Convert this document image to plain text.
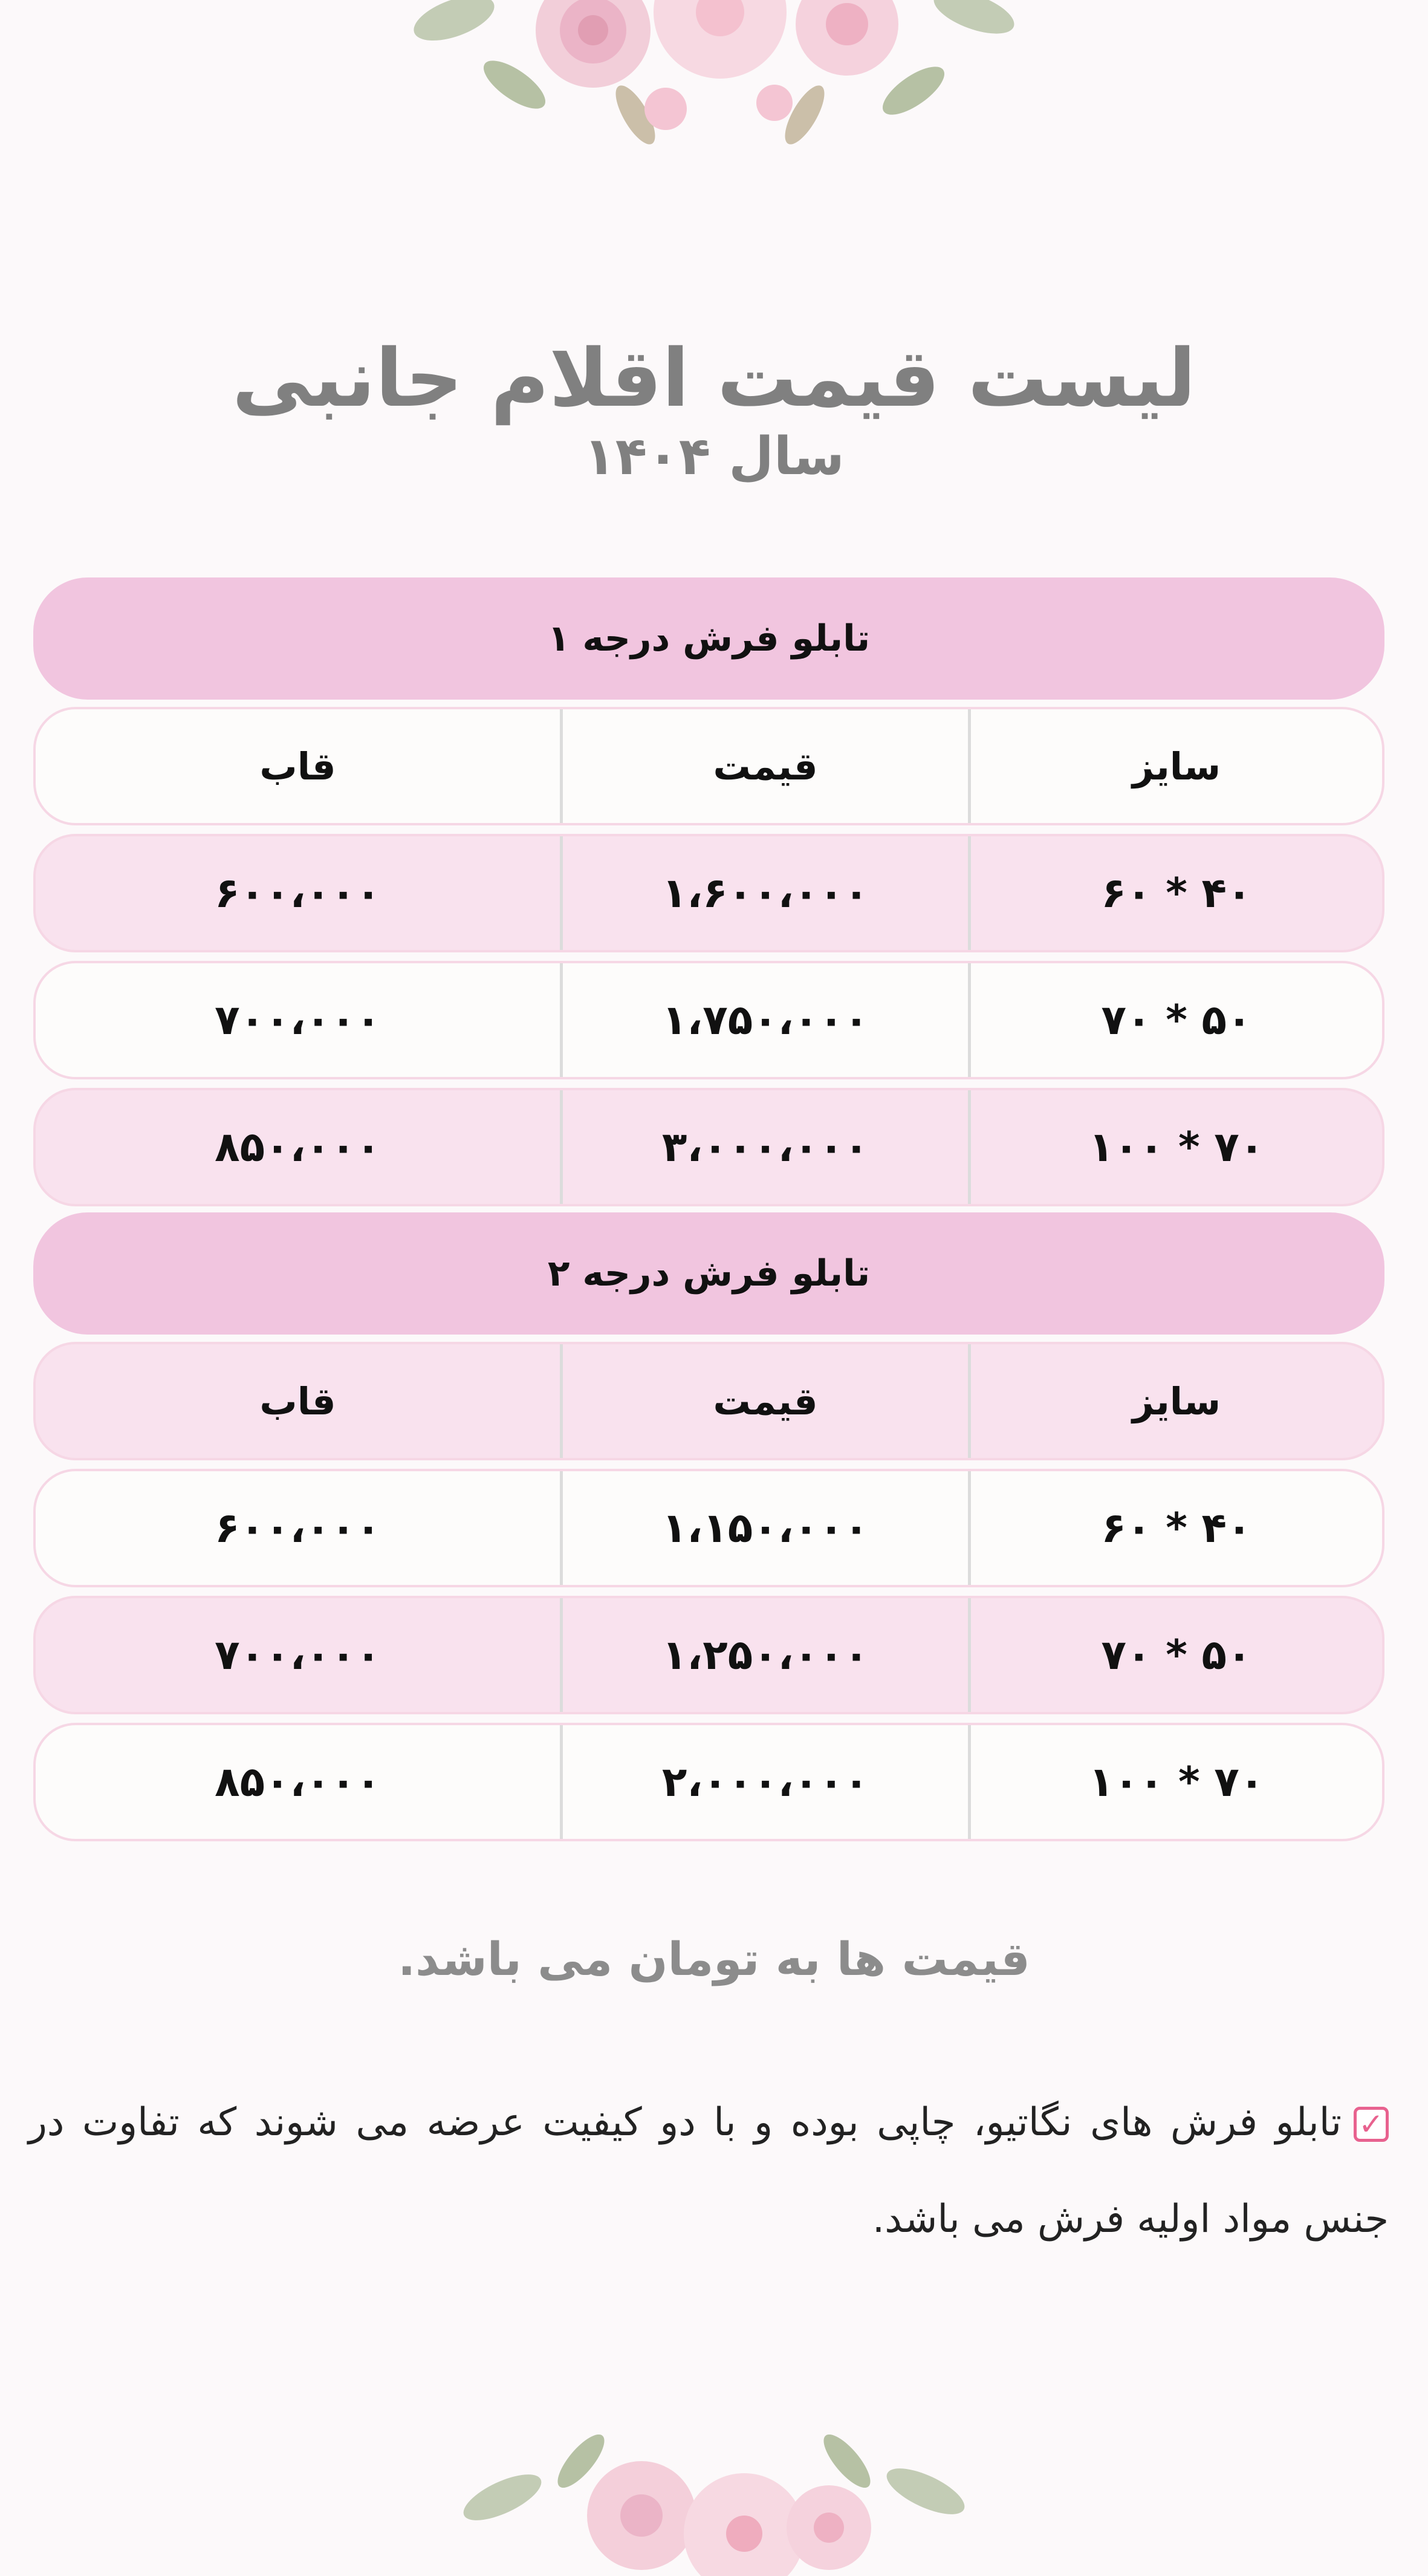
لیست قیمت اقلام جانبی
سال ۱۴۰۴
تابلو فرش درجه ۱
سایز
قیمت
قاب
۴۰ * ۶۰
۱،۶۰۰،۰۰۰
۶۰۰،۰۰۰
۵۰ * ۷۰
۱،۷۵۰،۰۰۰
۷۰۰،۰۰۰
۷۰ * ۱۰۰
۳،۰۰۰،۰۰۰
۸۵۰،۰۰۰
تابلو فرش درجه ۲
سایز
قیمت
قاب
۴۰ * ۶۰
۱،۱۵۰،۰۰۰
۶۰۰،۰۰۰
۵۰ * ۷۰
۱،۲۵۰،۰۰۰
۷۰۰،۰۰۰
۷۰ * ۱۰۰
۲،۰۰۰،۰۰۰
۸۵۰،۰۰۰
قیمت ها به تومان می باشد.
✓تابلو فرش های نگاتیو، چاپی بوده و با دو کیفیت عرضه می شوند که تفاوت در جنس مواد اولیه فرش می باشد.
